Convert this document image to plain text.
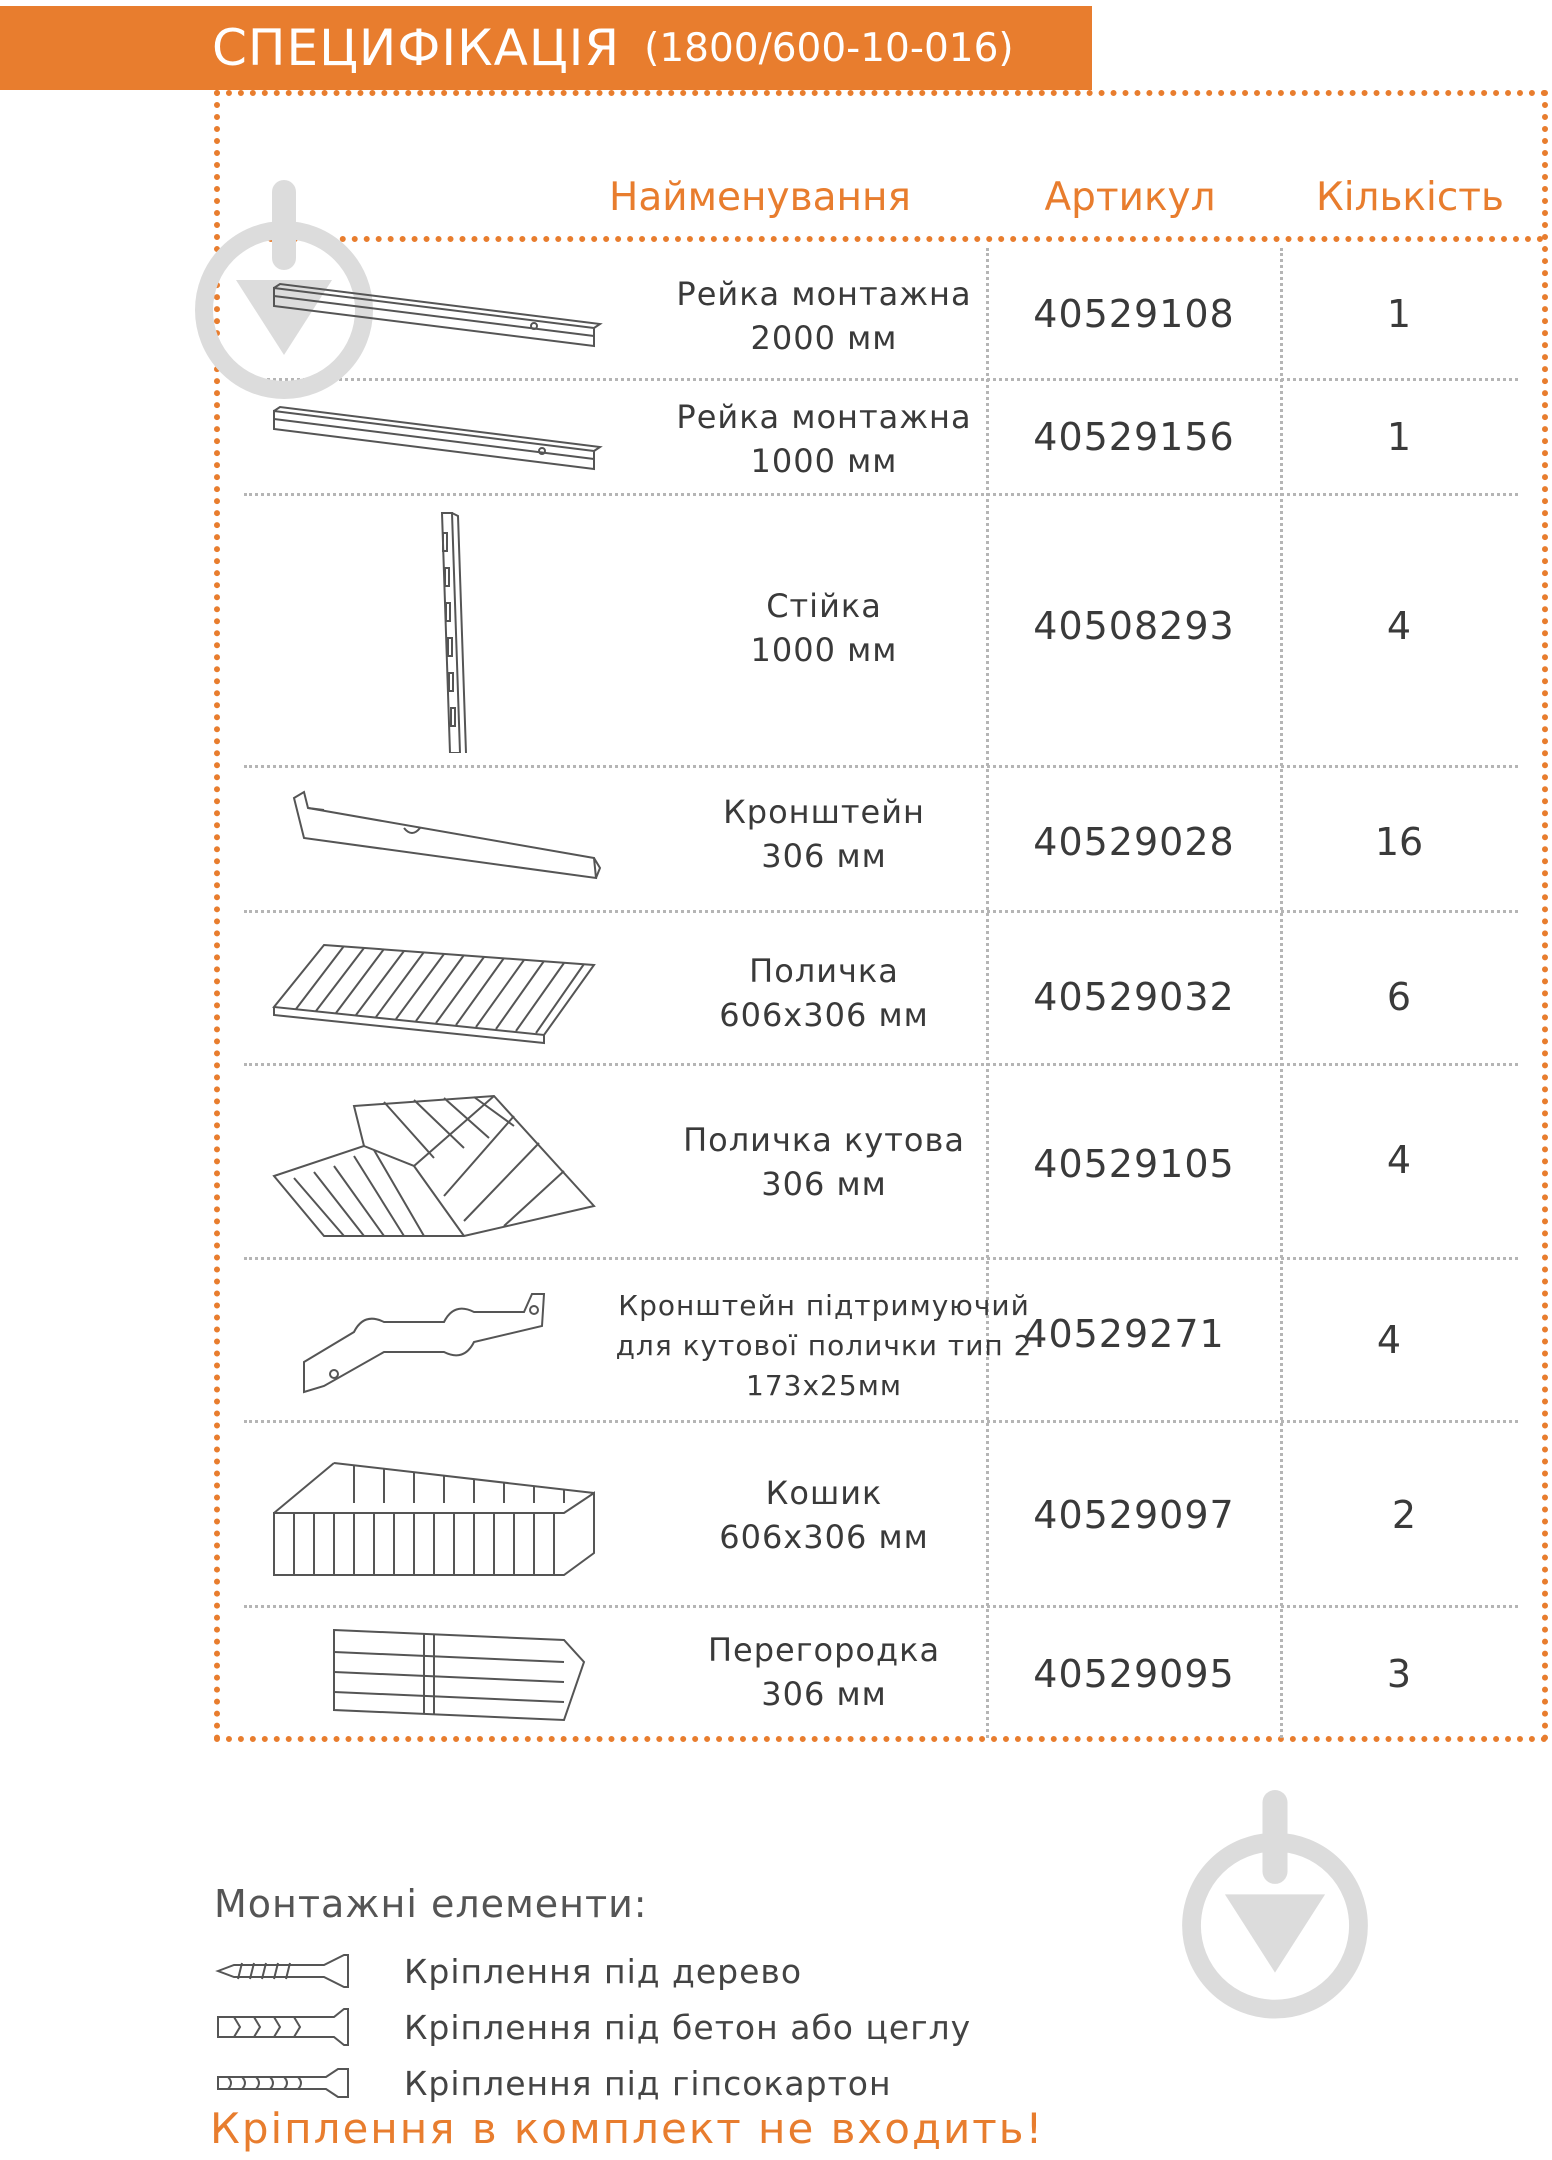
СПЕЦИФІКАЦІЯ (1800/600-10-016)
Найменування	Артикул	Кількість
Рейка монтажна
2000 мм
40529108	1
Рейка монтажна
1000 мм
40529156	1
Стійка
1000 мм
40508293	4
Кронштейн
306 мм	40529028	16
Поличка
606x306 мм	40529032	6
Поличка кутова
306 мм	40529105	4
Кронштейн підтримуючий
для кутової полички тип 2
173x25мм
40529271	4
Кошик
606x306 мм	40529097	2
Перегородка
306 мм	40529095	3
Монтажні елементи:
Кріплення під дерево
Кріплення під бетон або цеглу
Кріплення під гіпсокартон
Кріплення в комплект не входить!
